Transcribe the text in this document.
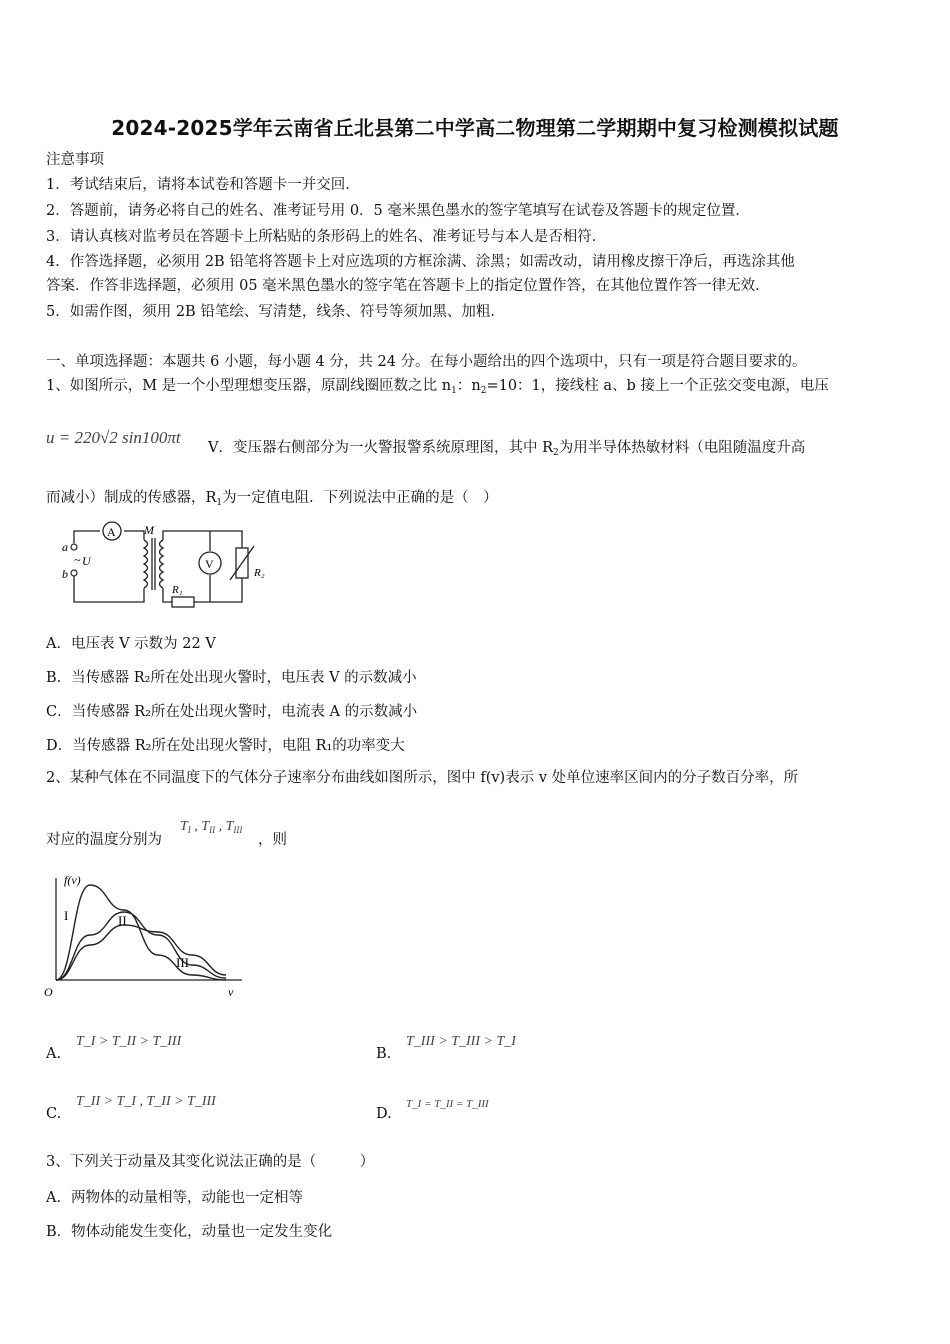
2024-2025学年云南省丘北县第二中学高二物理第二学期期中复习检测模拟试题
注意事项
1．考试结束后，请将本试卷和答题卡一并交回．
2．答题前，请务必将自己的姓名、准考证号用 0．5 毫米黑色墨水的签字笔填写在试卷及答题卡的规定位置．
3．请认真核对监考员在答题卡上所粘贴的条形码上的姓名、准考证号与本人是否相符．
4．作答选择题，必须用 2B 铅笔将答题卡上对应选项的方框涂满、涂黑；如需改动，请用橡皮擦干净后，再选涂其他
答案．作答非选择题，必须用 05 毫米黑色墨水的签字笔在答题卡上的指定位置作答，在其他位置作答一律无效．
5．如需作图，须用 2B 铅笔绘、写清楚，线条、符号等须加黑、加粗．
一、单项选择题：本题共 6 小题，每小题 4 分，共 24 分。在每小题给出的四个选项中，只有一项是符合题目要求的。
1、如图所示，M 是一个小型理想变压器，原副线圈匝数之比 $n_1$：$n_2=10$：1，接线柱 a、b 接上一个正弦交变电源，电压
u = 220√2 sin100πt
V．变压器右侧部分为一火警报警系统原理图，其中 $R_2$为用半导体热敏材料（电阻随温度升高
而减小）制成的传感器，$R_1$为一定值电阻．下列说法中正确的是（　）
A
V
a
b
~ U
M
R₁
R₂
A．电压表 V 示数为 22 V
B．当传感器 R₂所在处出现火警时，电压表 V 的示数减小
C．当传感器 R₂所在处出现火警时，电流表 A 的示数减小
D．当传感器 R₂所在处出现火警时，电阻 R₁的功率变大
2、某种气体在不同温度下的气体分子速率分布曲线如图所示，图中 f(v)表示 v 处单位速率区间内的分子数百分率，所
对应的温度分别为
$T_I$ , $T_{II}$ , $T_{III}$
，则
f(v)
v
O
I	II
III
A.
T_I > T_II > T_III
B.
T_III > T_III > T_I
C.
T_II > T_I , T_II > T_III
D.
T_I = T_II = T_III
3、下列关于动量及其变化说法正确的是（　　　）
A．两物体的动量相等，动能也一定相等
B．物体动能发生变化，动量也一定发生变化
